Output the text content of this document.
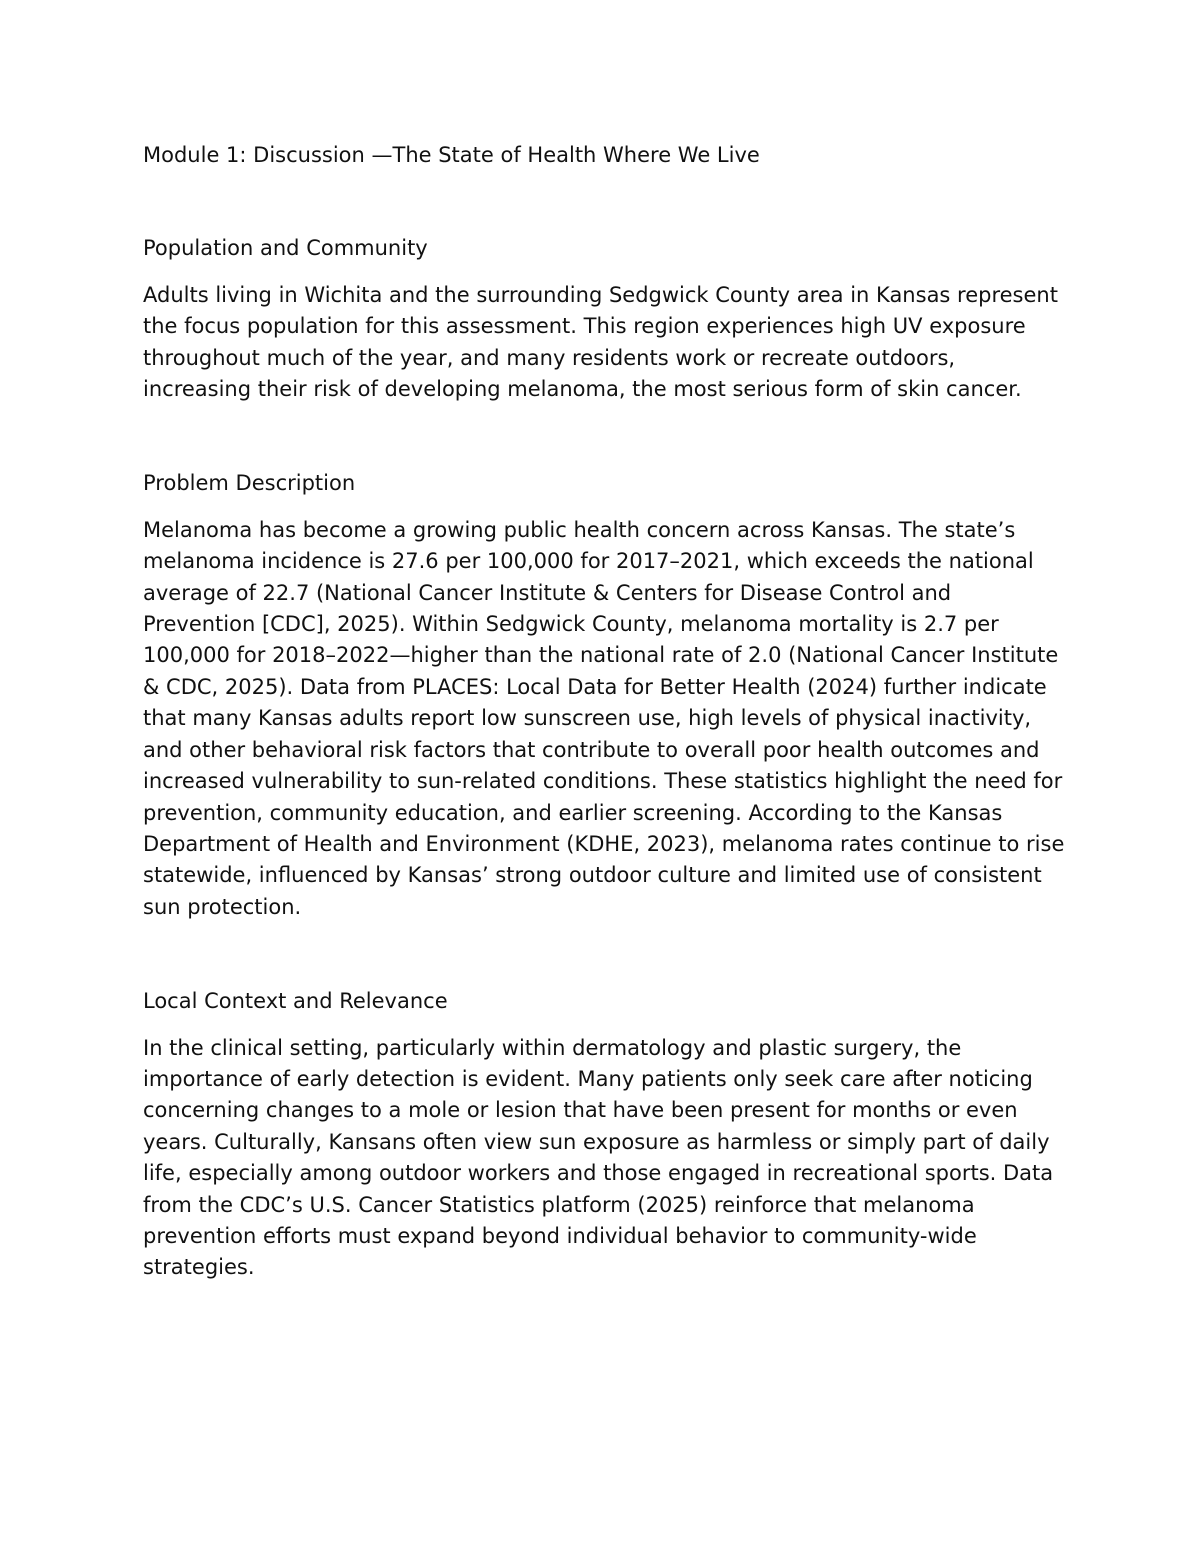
Module 1: Discussion —The State of Health Where We Live

Population and Community

Adults living in Wichita and the surrounding Sedgwick County area in Kansas represent the focus population for this assessment. This region experiences high UV exposure throughout much of the year, and many residents work or recreate outdoors, increasing their risk of developing melanoma, the most serious form of skin cancer.

Problem Description

Melanoma has become a growing public health concern across Kansas. The state’s melanoma incidence is 27.6 per 100,000 for 2017–2021, which exceeds the national average of 22.7 (National Cancer Institute & Centers for Disease Control and Prevention [CDC], 2025). Within Sedgwick County, melanoma mortality is 2.7 per 100,000 for 2018–2022—higher than the national rate of 2.0 (National Cancer Institute & CDC, 2025). Data from PLACES: Local Data for Better Health (2024) further indicate that many Kansas adults report low sunscreen use, high levels of physical inactivity, and other behavioral risk factors that contribute to overall poor health outcomes and increased vulnerability to sun-related conditions. These statistics highlight the need for prevention, community education, and earlier screening. According to the Kansas Department of Health and Environment (KDHE, 2023), melanoma rates continue to rise statewide, influenced by Kansas’ strong outdoor culture and limited use of consistent sun protection.

Local Context and Relevance

In the clinical setting, particularly within dermatology and plastic surgery, the importance of early detection is evident. Many patients only seek care after noticing concerning changes to a mole or lesion that have been present for months or even years. Culturally, Kansans often view sun exposure as harmless or simply part of daily life, especially among outdoor workers and those engaged in recreational sports. Data from the CDC’s U.S. Cancer Statistics platform (2025) reinforce that melanoma prevention efforts must expand beyond individual behavior to community-wide strategies.
